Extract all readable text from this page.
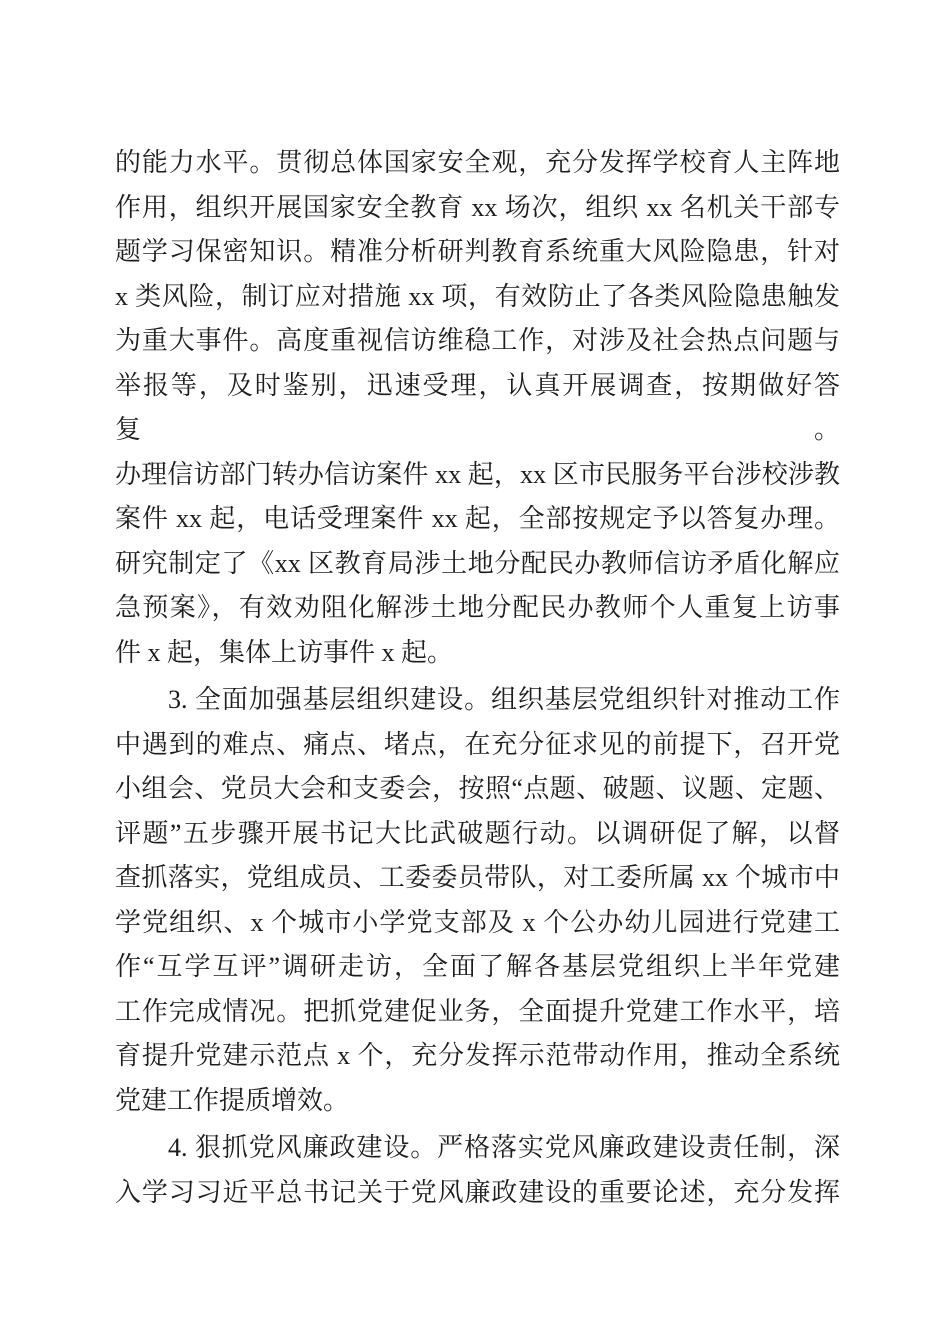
的能力水平。贯彻总体国家安全观，充分发挥学校育人主阵地
作用，组织开展国家安全教育 xx 场次，组织 xx 名机关干部专
题学习保密知识。精准分析研判教育系统重大风险隐患，针对
x 类风险，制订应对措施 xx 项，有效防止了各类风险隐患触发
为重大事件。高度重视信访维稳工作，对涉及社会热点问题与
举报等，及时鉴别，迅速受理，认真开展调查，按期做好答复。
办理信访部门转办信访案件 xx 起，xx 区市民服务平台涉校涉教
案件 xx 起，电话受理案件 xx 起，全部按规定予以答复办理。
研究制定了《xx 区教育局涉土地分配民办教师信访矛盾化解应
急预案》，有效劝阻化解涉土地分配民办教师个人重复上访事
件 x 起，集体上访事件 x 起。
3. 全面加强基层组织建设。组织基层党组织针对推动工作
中遇到的难点、痛点、堵点，在充分征求见的前提下，召开党
小组会、党员大会和支委会，按照“点题、破题、议题、定题、
评题”五步骤开展书记大比武破题行动。以调研促了解，以督
查抓落实，党组成员、工委委员带队，对工委所属 xx 个城市中
学党组织、x 个城市小学党支部及 x 个公办幼儿园进行党建工
作“互学互评”调研走访，全面了解各基层党组织上半年党建
工作完成情况。把抓党建促业务，全面提升党建工作水平，培
育提升党建示范点 x 个，充分发挥示范带动作用，推动全系统
党建工作提质增效。
4. 狠抓党风廉政建设。严格落实党风廉政建设责任制，深
入学习习近平总书记关于党风廉政建设的重要论述，充分发挥
